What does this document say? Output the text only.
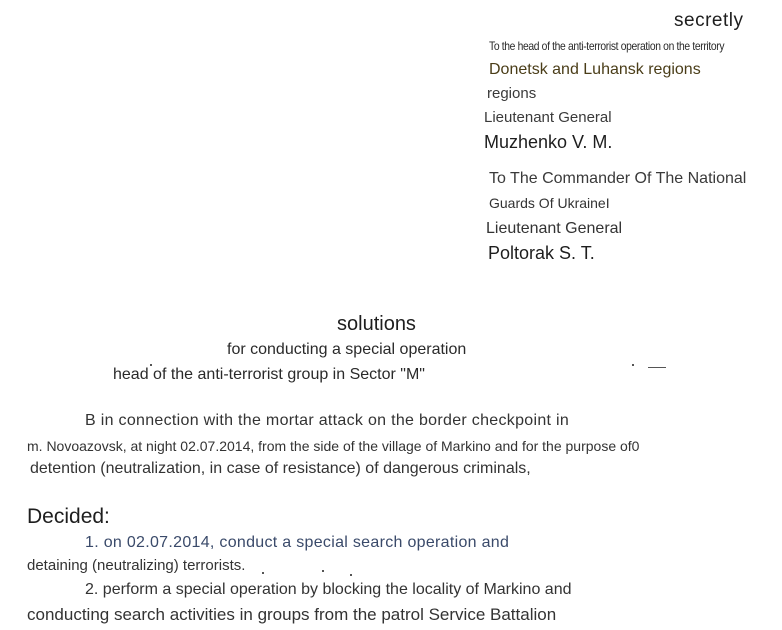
secretly
To the head of the anti-terrorist operation on the territory
Donetsk and Luhansk regions
regions
Lieutenant General
Muzhenko V. M.
To The Commander Of The National
Guards Of UkraineΙ
Lieutenant General
Poltorak S. T.
solutions
for conducting a special operation
head of the anti-terrorist group in Sector "M"
B in connection with the mortar attack on the border checkpoint in
m. Novoazovsk, at night 02.07.2014, from the side of the village of Markino and for the purpose of0
detention (neutralization, in case of resistance) of dangerous criminals,
Decided:
1. on 02.07.2014, conduct a special search operation and
detaining (neutralizing) terrorists.
2. perform a special operation by blocking the locality of Markino and
conducting search activities in groups from the patrol Service Battalion
